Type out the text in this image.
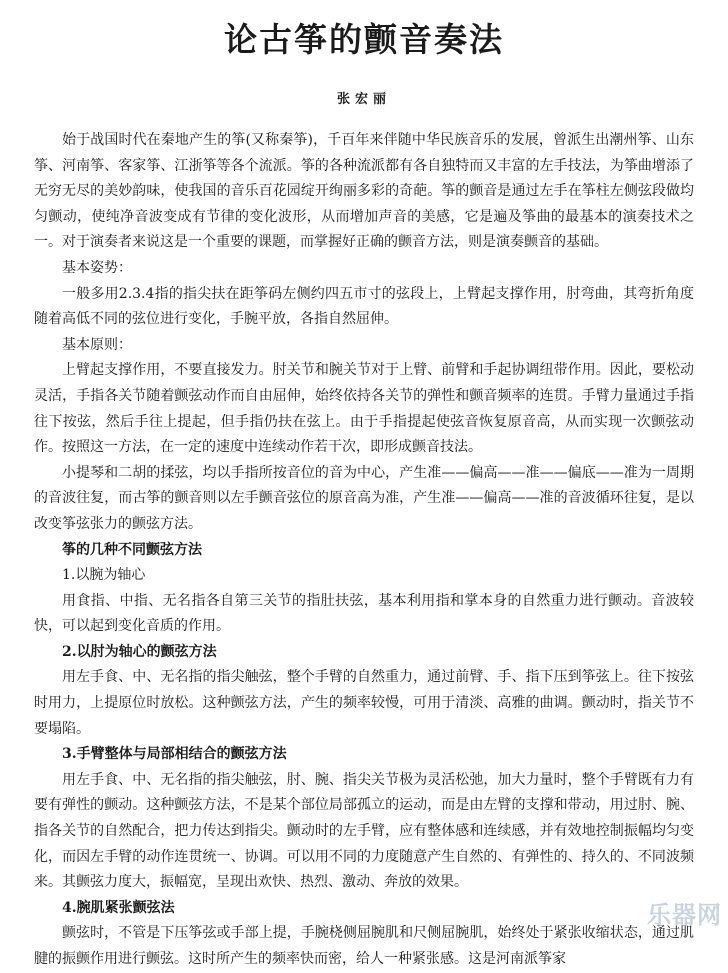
论古筝的颤音奏法
张宏丽

始于战国时代在秦地产生的筝(又称秦筝)，千百年来伴随中华民族音乐的发展，曾派生出潮州筝、山东筝、河南筝、客家筝、江浙筝等各个流派。筝的各种流派都有各自独特而又丰富的左手技法，为筝曲增添了无穷无尽的美妙韵味，使我国的音乐百花园绽开绚丽多彩的奇葩。筝的颤音是通过左手在筝柱左侧弦段做均匀颤动，使纯净音波变成有节律的变化波形，从而增加声音的美感，它是遍及筝曲的最基本的演奏技术之一。对于演奏者来说这是一个重要的课题，而掌握好正确的颤音方法，则是演奏颤音的基础。

基本姿势：

一般多用2.3.4指的指尖扶在距筝码左侧约四五市寸的弦段上，上臂起支撑作用，肘弯曲，其弯折角度随着高低不同的弦位进行变化，手腕平放，各指自然屈伸。

基本原则：

上臂起支撑作用，不要直接发力。肘关节和腕关节对于上臂、前臂和手起协调纽带作用。因此，要松动灵活，手指各关节随着颤弦动作而自由屈伸，始终依持各关节的弹性和颤音频率的连贯。手臂力量通过手指往下按弦，然后手往上提起，但手指仍扶在弦上。由于手指提起使弦音恢复原音高，从而实现一次颤弦动作。按照这一方法，在一定的速度中连续动作若干次，即形成颤音技法。

小提琴和二胡的揉弦，均以手指所按音位的音为中心，产生准——偏高——准——偏底——准为一周期的音波往复，而古筝的颤音则以左手颤音弦位的原音高为准，产生准——偏高——准的音波循环往复，是以改变筝弦张力的颤弦方法。

筝的几种不同颤弦方法

1.以腕为轴心

用食指、中指、无名指各自第三关节的指肚扶弦，基本利用指和掌本身的自然重力进行颤动。音波较快，可以起到变化音质的作用。

2.以肘为轴心的颤弦方法

用左手食、中、无名指的指尖触弦，整个手臂的自然重力，通过前臂、手、指下压到筝弦上。往下按弦时用力，上提原位时放松。这种颤弦方法，产生的频率较慢，可用于清淡、高雅的曲调。颤动时，指关节不要塌陷。

3.手臂整体与局部相结合的颤弦方法

用左手食、中、无名指的指尖触弦，肘、腕、指尖关节极为灵活松弛，加大力量时，整个手臂既有力有要有弹性的颤动。这种颤弦方法，不是某个部位局部孤立的运动，而是由左臂的支撑和带动，用过肘、腕、指各关节的自然配合，把力传达到指尖。颤动时的左手臂，应有整体感和连续感，并有效地控制振幅均匀变化，而因左手臂的动作连贯统一、协调。可以用不同的力度随意产生自然的、有弹性的、持久的、不同波频来。其颤弦力度大，振幅宽，呈现出欢快、热烈、激动、奔放的效果。

4.腕肌紧张颤弦法

颤弦时，不管是下压筝弦或手部上提，手腕桡侧屈腕肌和尺侧屈腕肌，始终处于紧张收缩状态，通过肌腱的振颤作用进行颤弦。这时所产生的频率快而密，给人一种紧张感。这是河南派筝家

乐器网
